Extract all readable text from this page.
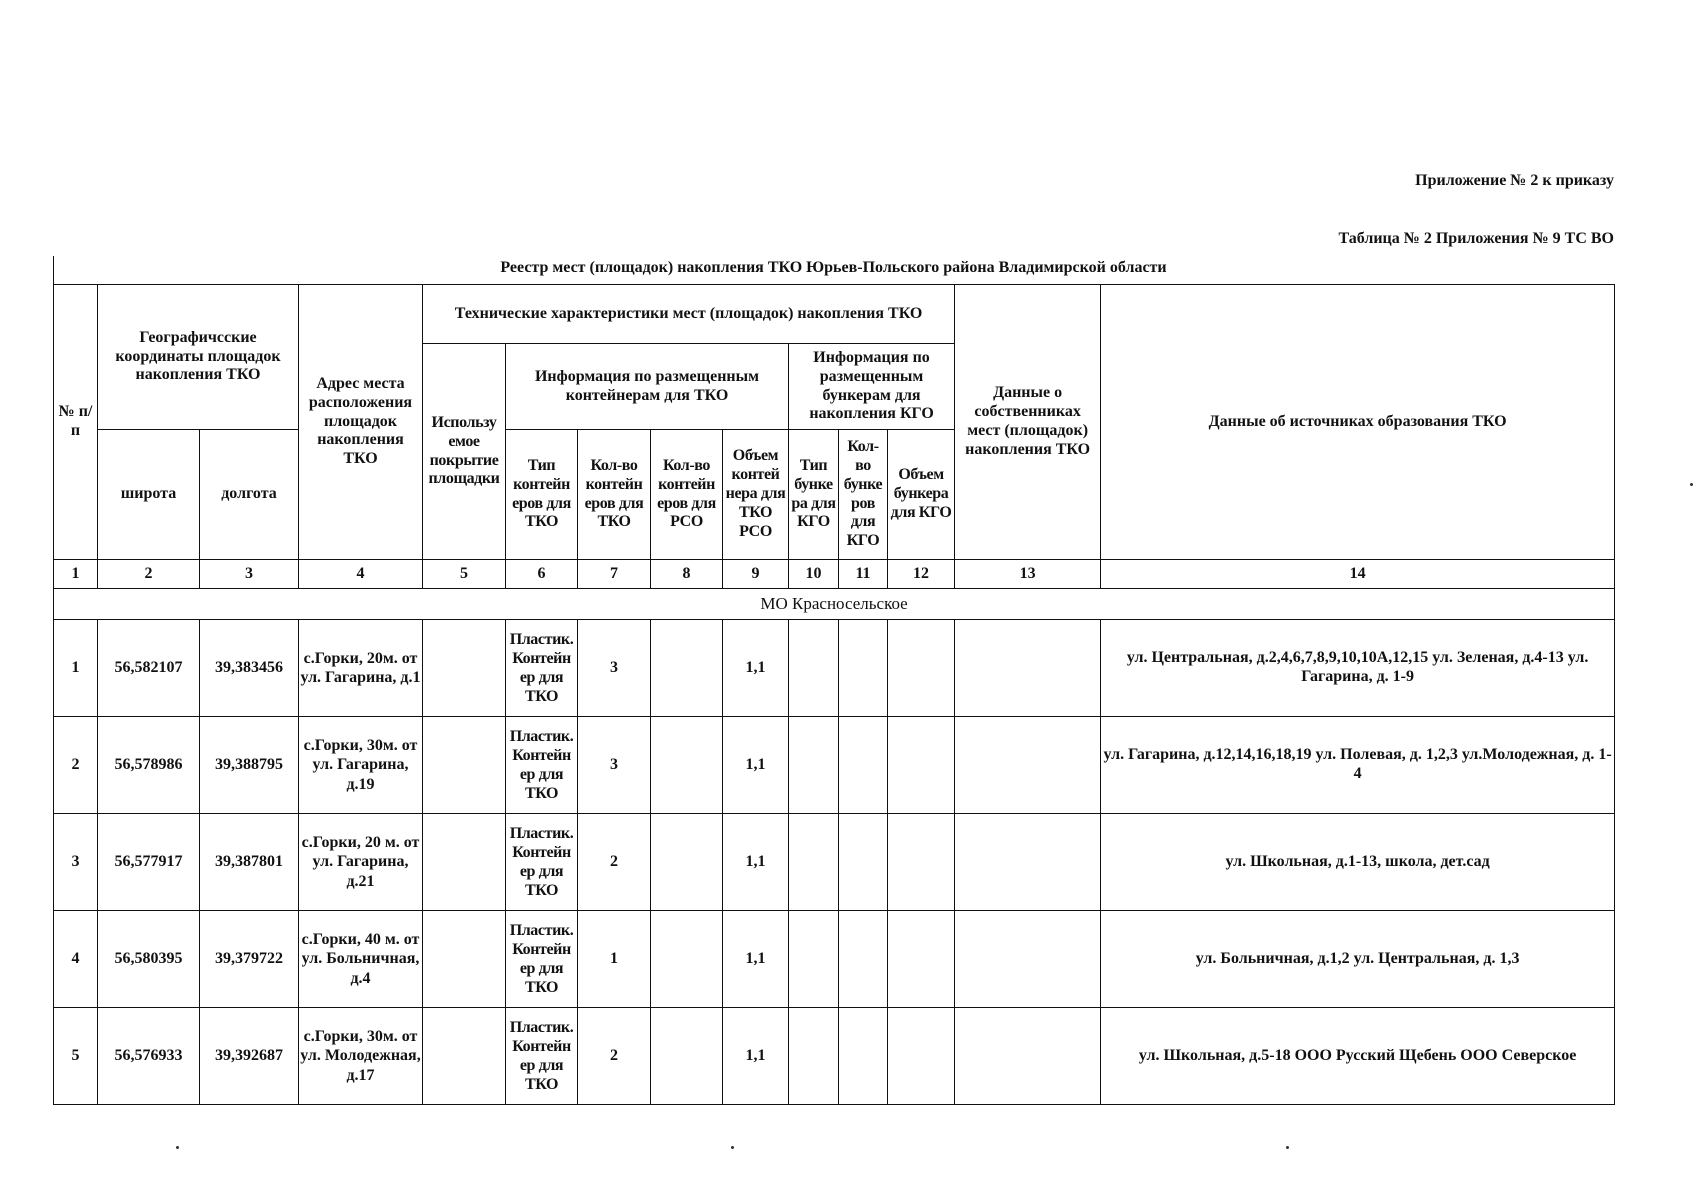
Приложение № 2 к приказу
Таблица № 2 Приложения № 9 ТС ВО
Реестр мест (площадок) накопления ТКО Юрьев-Польского района Владимирской области
№ п/п	Географичсские координаты площадок накопления ТКО		Адрес места расположения площадок накопления ТКО	Технические характеристики мест (площадок) накопления ТКО								Данные о собственниках мест (площадок) накопления ТКО	Данные об источниках образования ТКО
				Использу емое покрытие площадки	Информация по размещенным контейнерам для ТКО				Информация по размещенным бункерам для накопления КГО				
	широта	долгота			Тип контейн еров для ТКО	Кол-во контейн еров для ТКО	Кол-во контейн еров для РСО	Объем контей нера для ТКО РСО	Тип бунке ра для КГО	Кол- во бунке ров для КГО	Объем бункера для КГО		
1	2	3	4	5	6	7	8	9	10	11	12	13	14
МО Красносельское													
1	56,582107	39,383456	с.Горки, 20м. от ул. Гагарина, д.1		Пластик. Контейн ер для ТКО	3		1,1					ул. Центральная, д.2,4,6,7,8,9,10,10А,12,15 ул. Зеленая, д.4-13 ул. Гагарина, д. 1-9
2	56,578986	39,388795	с.Горки, 30м. от ул. Гагарина, д.19		Пластик. Контейн ер для ТКО	3		1,1					ул. Гагарина, д.12,14,16,18,19 ул. Полевая, д. 1,2,3 ул.Молодежная, д. 1-4
3	56,577917	39,387801	с.Горки, 20 м. от ул. Гагарина, д.21		Пластик. Контейн ер для ТКО	2		1,1					ул. Школьная, д.1-13, школа, дет.сад
4	56,580395	39,379722	с.Горки, 40 м. от ул. Больничная, д.4		Пластик. Контейн ер для ТКО	1		1,1					ул. Больничная, д.1,2 ул. Центральная, д. 1,3
5	56,576933	39,392687	с.Горки, 30м. от ул. Молодежная, д.17		Пластик. Контейн ер для ТКО	2		1,1					ул. Школьная, д.5-18 ООО Русский Щебень ООО Северское
